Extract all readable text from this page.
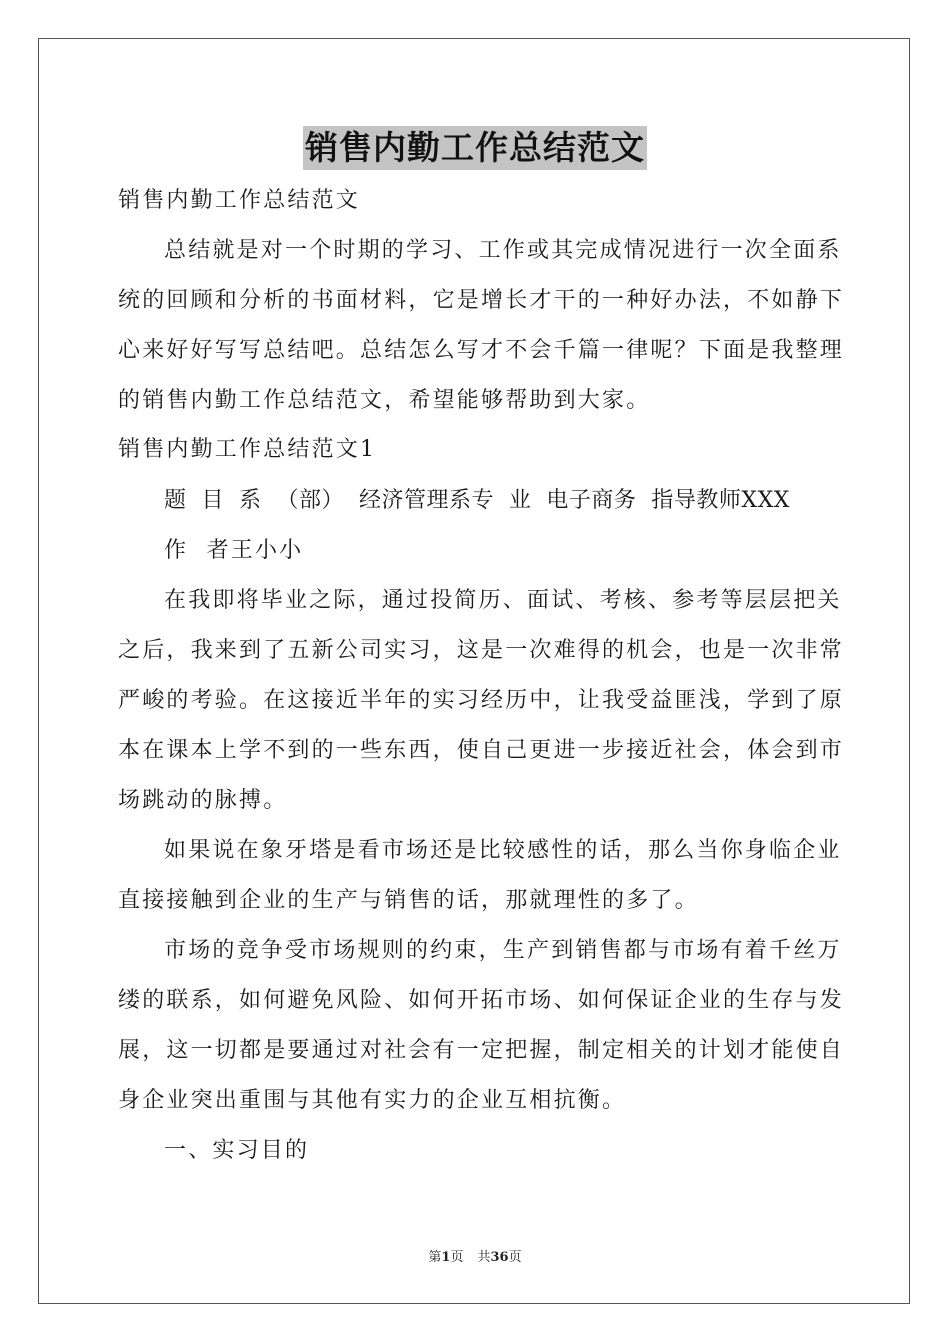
销售内勤工作总结范文
销售内勤工作总结范文
总结就是对一个时期的学习、工作或其完成情况进行一次全面系
统的回顾和分析的书面材料，它是增长才干的一种好办法，不如静下
心来好好写写总结吧。总结怎么写才不会千篇一律呢？下面是我整理
的销售内勤工作总结范文，希望能够帮助到大家。
销售内勤工作总结范文1
题  目  系  （部）  经济管理系专  业  电子商务  指导教师XXX
作  者王小小
在我即将毕业之际，通过投简历、面试、考核、参考等层层把关
之后，我来到了五新公司实习，这是一次难得的机会，也是一次非常
严峻的考验。在这接近半年的实习经历中，让我受益匪浅，学到了原
本在课本上学不到的一些东西，使自己更进一步接近社会，体会到市
场跳动的脉搏。
如果说在象牙塔是看市场还是比较感性的话，那么当你身临企业
直接接触到企业的生产与销售的话，那就理性的多了。
市场的竞争受市场规则的约束，生产到销售都与市场有着千丝万
缕的联系，如何避免风险、如何开拓市场、如何保证企业的生存与发
展，这一切都是要通过对社会有一定把握，制定相关的计划才能使自
身企业突出重围与其他有实力的企业互相抗衡。
一、实习目的
第1页 共36页
